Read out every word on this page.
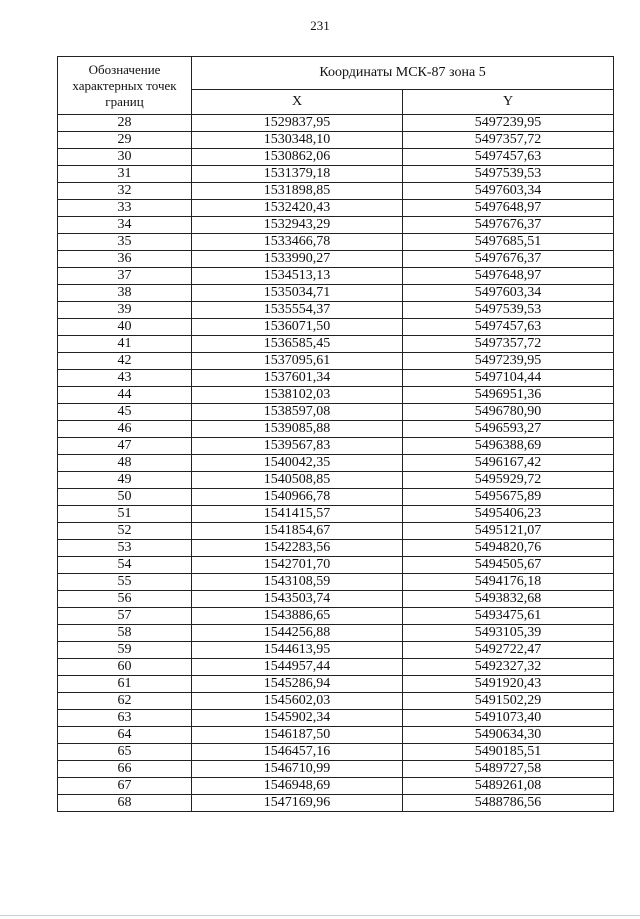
231
Обозначение характерных точек границ	Координаты МСК-87 зона 5	
	X	Y
28	1529837,95	5497239,95
29	1530348,10	5497357,72
30	1530862,06	5497457,63
31	1531379,18	5497539,53
32	1531898,85	5497603,34
33	1532420,43	5497648,97
34	1532943,29	5497676,37
35	1533466,78	5497685,51
36	1533990,27	5497676,37
37	1534513,13	5497648,97
38	1535034,71	5497603,34
39	1535554,37	5497539,53
40	1536071,50	5497457,63
41	1536585,45	5497357,72
42	1537095,61	5497239,95
43	1537601,34	5497104,44
44	1538102,03	5496951,36
45	1538597,08	5496780,90
46	1539085,88	5496593,27
47	1539567,83	5496388,69
48	1540042,35	5496167,42
49	1540508,85	5495929,72
50	1540966,78	5495675,89
51	1541415,57	5495406,23
52	1541854,67	5495121,07
53	1542283,56	5494820,76
54	1542701,70	5494505,67
55	1543108,59	5494176,18
56	1543503,74	5493832,68
57	1543886,65	5493475,61
58	1544256,88	5493105,39
59	1544613,95	5492722,47
60	1544957,44	5492327,32
61	1545286,94	5491920,43
62	1545602,03	5491502,29
63	1545902,34	5491073,40
64	1546187,50	5490634,30
65	1546457,16	5490185,51
66	1546710,99	5489727,58
67	1546948,69	5489261,08
68	1547169,96	5488786,56
